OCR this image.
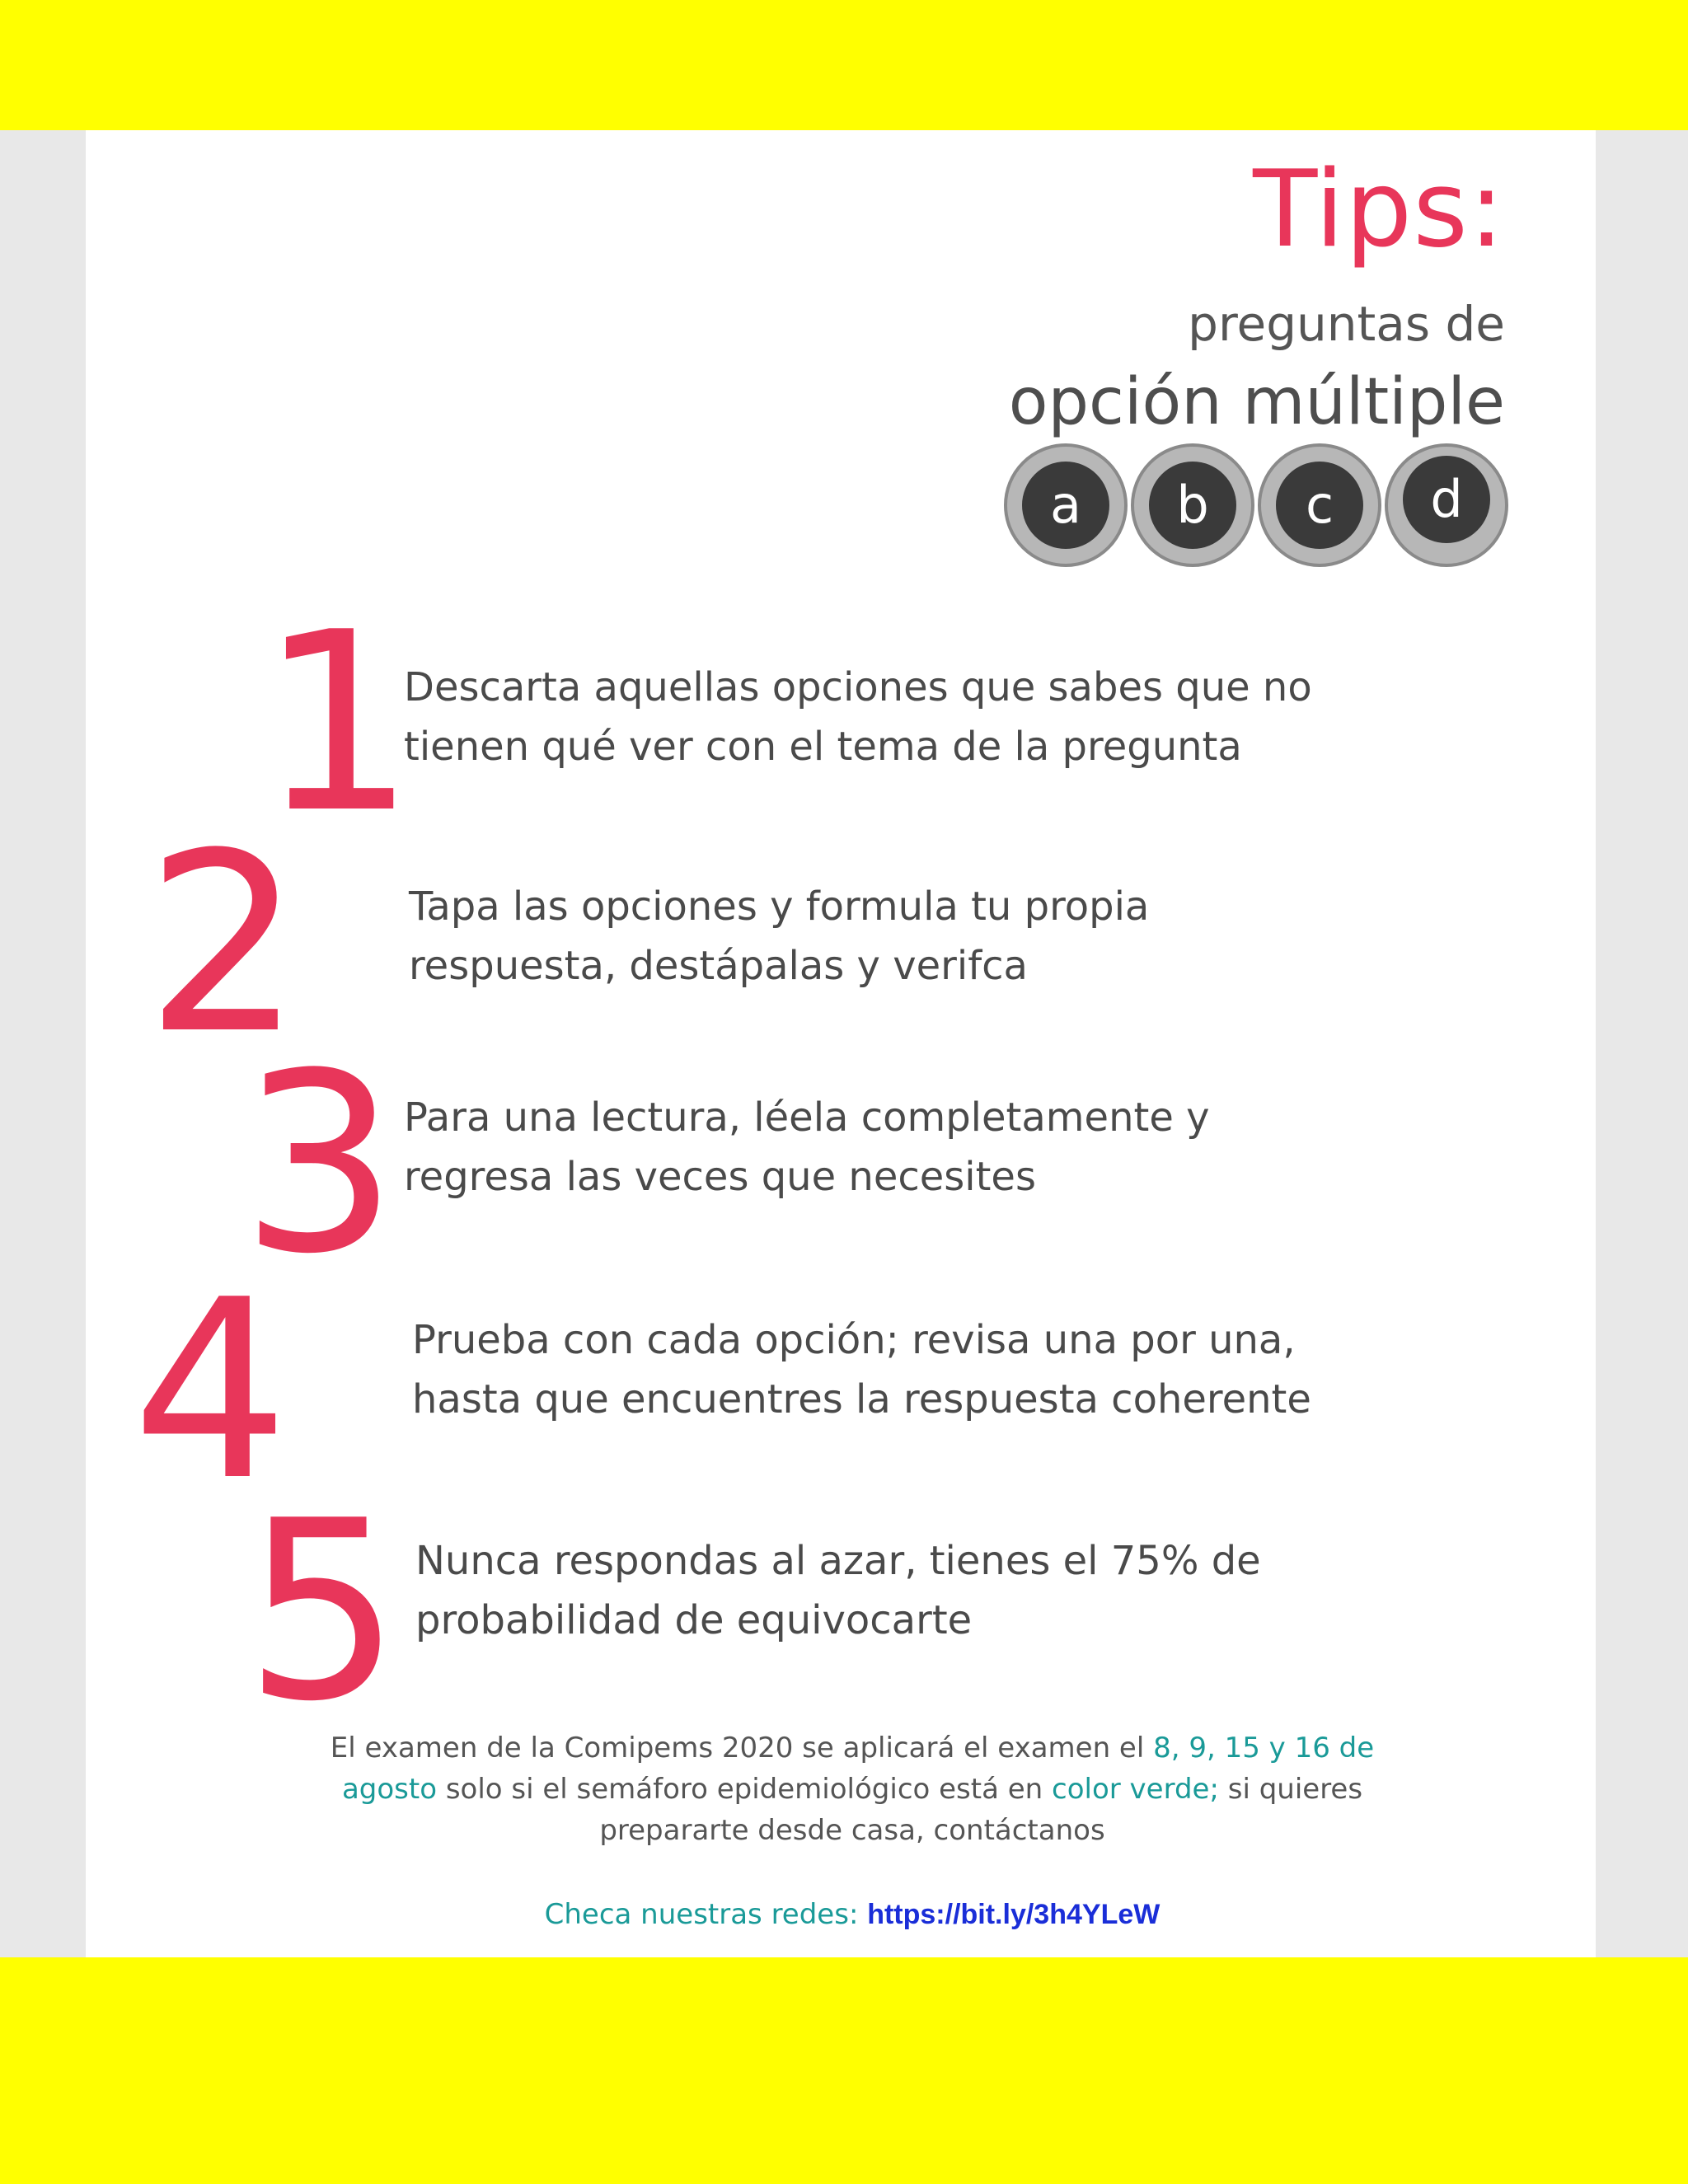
Tips:
preguntas de
opción múltiple
a	b	c	d
1
Descarta aquellas opciones que sabes que no
tienen qué ver con el tema de la pregunta
2	Tapa las opciones y formula tu propia
respuesta, destápalas y verifca
3 Para una lectura, léela completamente y
regresa las veces que necesites
4	Prueba con cada opción; revisa una por una,
hasta que encuentres la respuesta coherente
5 Nunca respondas al azar, tienes el 75% de
probabilidad de equivocarte
El examen de la Comipems 2020 se aplicará el examen el 8, 9, 15 y 16 de
agosto solo si el semáforo epidemiológico está en color verde; si quieres
prepararte desde casa, contáctanos
Checa nuestras redes: https://bit.ly/3h4YLeW
